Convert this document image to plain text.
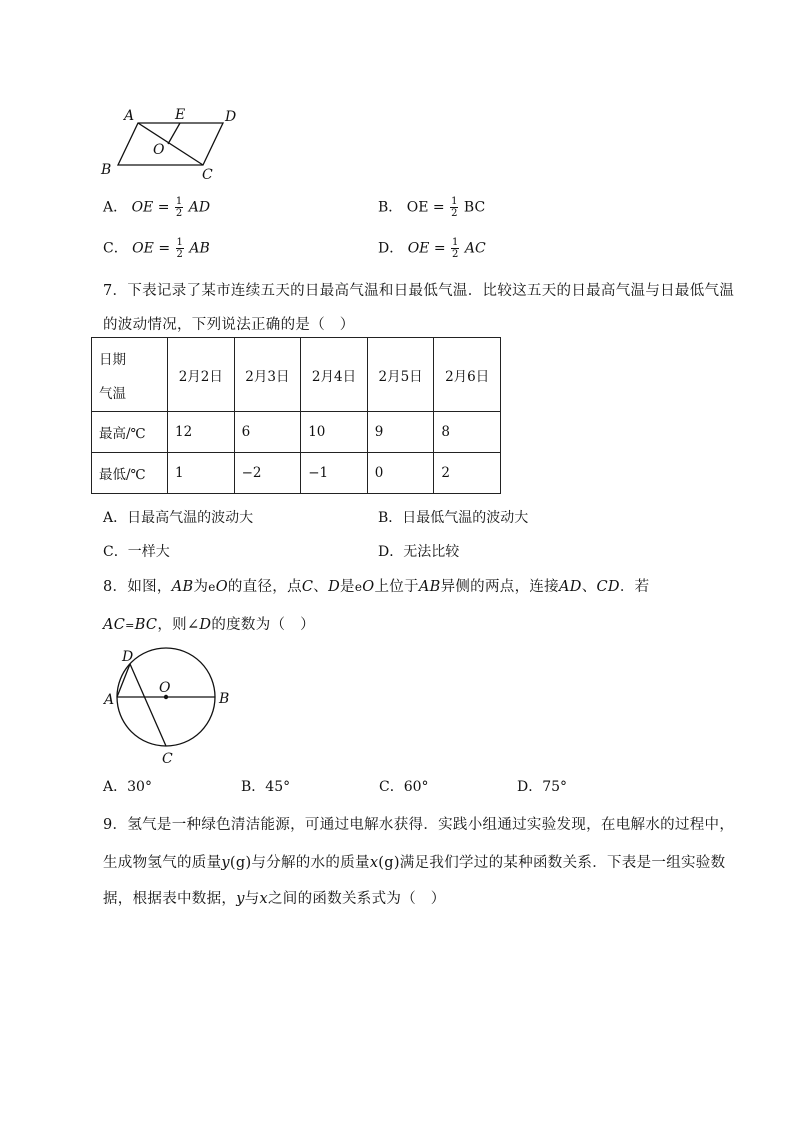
A	E	D
O
B	C
A． OE = $\frac{1}{2}$ AD	B． OE = $\frac{1}{2}$ BC
C． OE = $\frac{1}{2}$ AB	D． OE = $\frac{1}{2}$ AC
7．下表记录了某市连续五天的日最高气温和日最低气温．比较这五天的日最高气温与日最低气温
的波动情况，下列说法正确的是（　）
日期
气温	2月2日	2月3日	2月4日	2月5日	2月6日
最高/℃	12	6	10	9	8
最低/℃	1	−2	−1	0	2
A．日最高气温的波动大	B．日最低气温的波动大
C．一样大	D．无法比较
8．如图，AB为eO的直径，点C、D是eO上位于AB异侧的两点，连接AD、CD．若
AC=BC，则∠D的度数为（　）
D
O
A	B
C
A．30°	B．45°	C．60°	D．75°
9．氢气是一种绿色清洁能源，可通过电解水获得．实践小组通过实验发现，在电解水的过程中，
生成物氢气的质量y(g)与分解的水的质量x(g)满足我们学过的某种函数关系．下表是一组实验数
据，根据表中数据，y与x之间的函数关系式为（　）
